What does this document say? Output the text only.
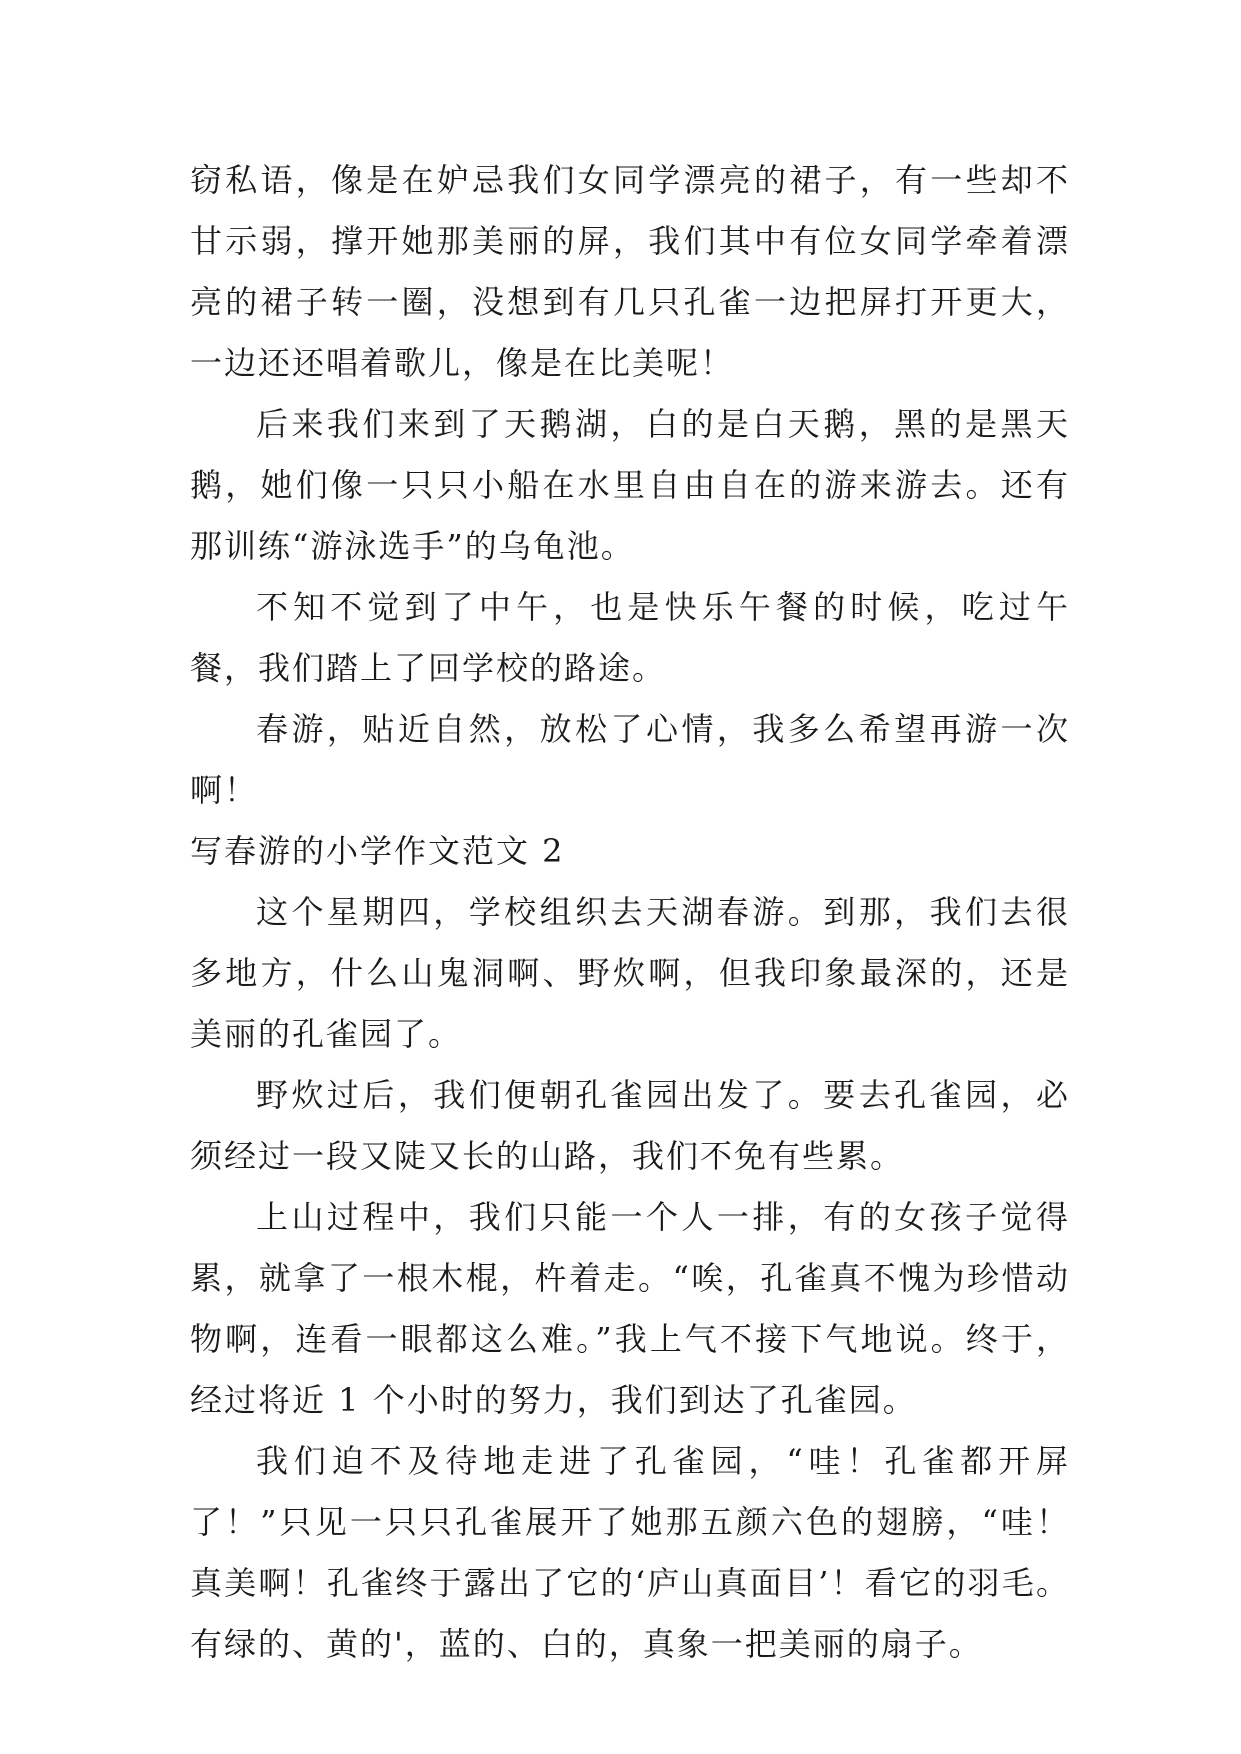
窃私语，像是在妒忌我们女同学漂亮的裙子，有一些却不甘示弱，撑开她那美丽的屏，我们其中有位女同学牵着漂亮的裙子转一圈，没想到有几只孔雀一边把屏打开更大，一边还还唱着歌儿，像是在比美呢！

后来我们来到了天鹅湖，白的是白天鹅，黑的是黑天鹅，她们像一只只小船在水里自由自在的游来游去。还有那训练“游泳选手”的乌龟池。

不知不觉到了中午，也是快乐午餐的时候，吃过午餐，我们踏上了回学校的路途。

春游，贴近自然，放松了心情，我多么希望再游一次啊！

写春游的小学作文范文 2

这个星期四，学校组织去天湖春游。到那，我们去很多地方，什么山鬼洞啊、野炊啊，但我印象最深的，还是美丽的孔雀园了。

野炊过后，我们便朝孔雀园出发了。要去孔雀园，必须经过一段又陡又长的山路，我们不免有些累。

上山过程中，我们只能一个人一排，有的女孩子觉得累，就拿了一根木棍，杵着走。“唉，孔雀真不愧为珍惜动物啊，连看一眼都这么难。”我上气不接下气地说。终于，经过将近 1 个小时的努力，我们到达了孔雀园。

我们迫不及待地走进了孔雀园，“哇！孔雀都开屏了！”只见一只只孔雀展开了她那五颜六色的翅膀，“哇！真美啊！孔雀终于露出了它的‘庐山真面目’！看它的羽毛。有绿的、黄的'，蓝的、白的，真象一把美丽的扇子。
